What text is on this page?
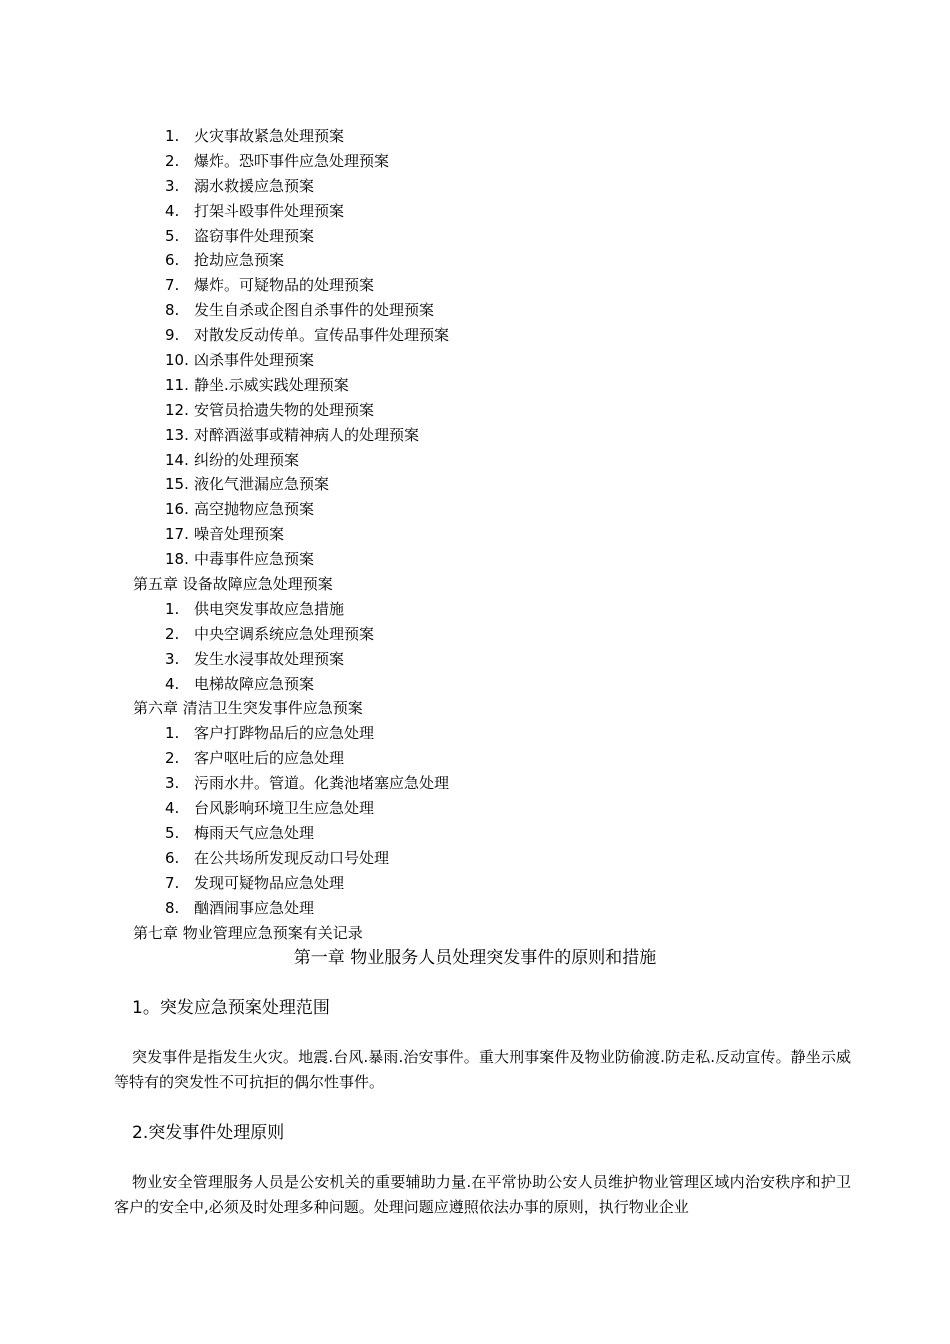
1. 火灾事故紧急处理预案
2. 爆炸。恐吓事件应急处理预案
3. 溺水救援应急预案
4. 打架斗殴事件处理预案
5. 盗窃事件处理预案
6. 抢劫应急预案
7. 爆炸。可疑物品的处理预案
8. 发生自杀或企图自杀事件的处理预案
9. 对散发反动传单。宣传品事件处理预案
10. 凶杀事件处理预案
11. 静坐.示威实践处理预案
12. 安管员拾遗失物的处理预案
13. 对醉酒滋事或精神病人的处理预案
14. 纠纷的处理预案
15. 液化气泄漏应急预案
16. 高空抛物应急预案
17. 噪音处理预案
18. 中毒事件应急预案
第五章 设备故障应急处理预案
1. 供电突发事故应急措施
2. 中央空调系统应急处理预案
3. 发生水浸事故处理预案
4. 电梯故障应急预案
第六章 清洁卫生突发事件应急预案
1. 客户打跸物品后的应急处理
2. 客户呕吐后的应急处理
3. 污雨水井。管道。化粪池堵塞应急处理
4. 台风影响环境卫生应急处理
5. 梅雨天气应急处理
6. 在公共场所发现反动口号处理
7. 发现可疑物品应急处理
8. 酗酒闹事应急处理
第七章 物业管理应急预案有关记录
第一章 物业服务人员处理突发事件的原则和措施
1。突发应急预案处理范围
突发事件是指发生火灾。地震.台风.暴雨.治安事件。重大刑事案件及物业防偷渡.防走私.反动宣传。静坐示威等特有的突发性不可抗拒的偶尔性事件。
2.突发事件处理原则
物业安全管理服务人员是公安机关的重要辅助力量.在平常协助公安人员维护物业管理区域内治安秩序和护卫客户的安全中,必须及时处理多种问题。处理问题应遵照依法办事的原则，执行物业企业
